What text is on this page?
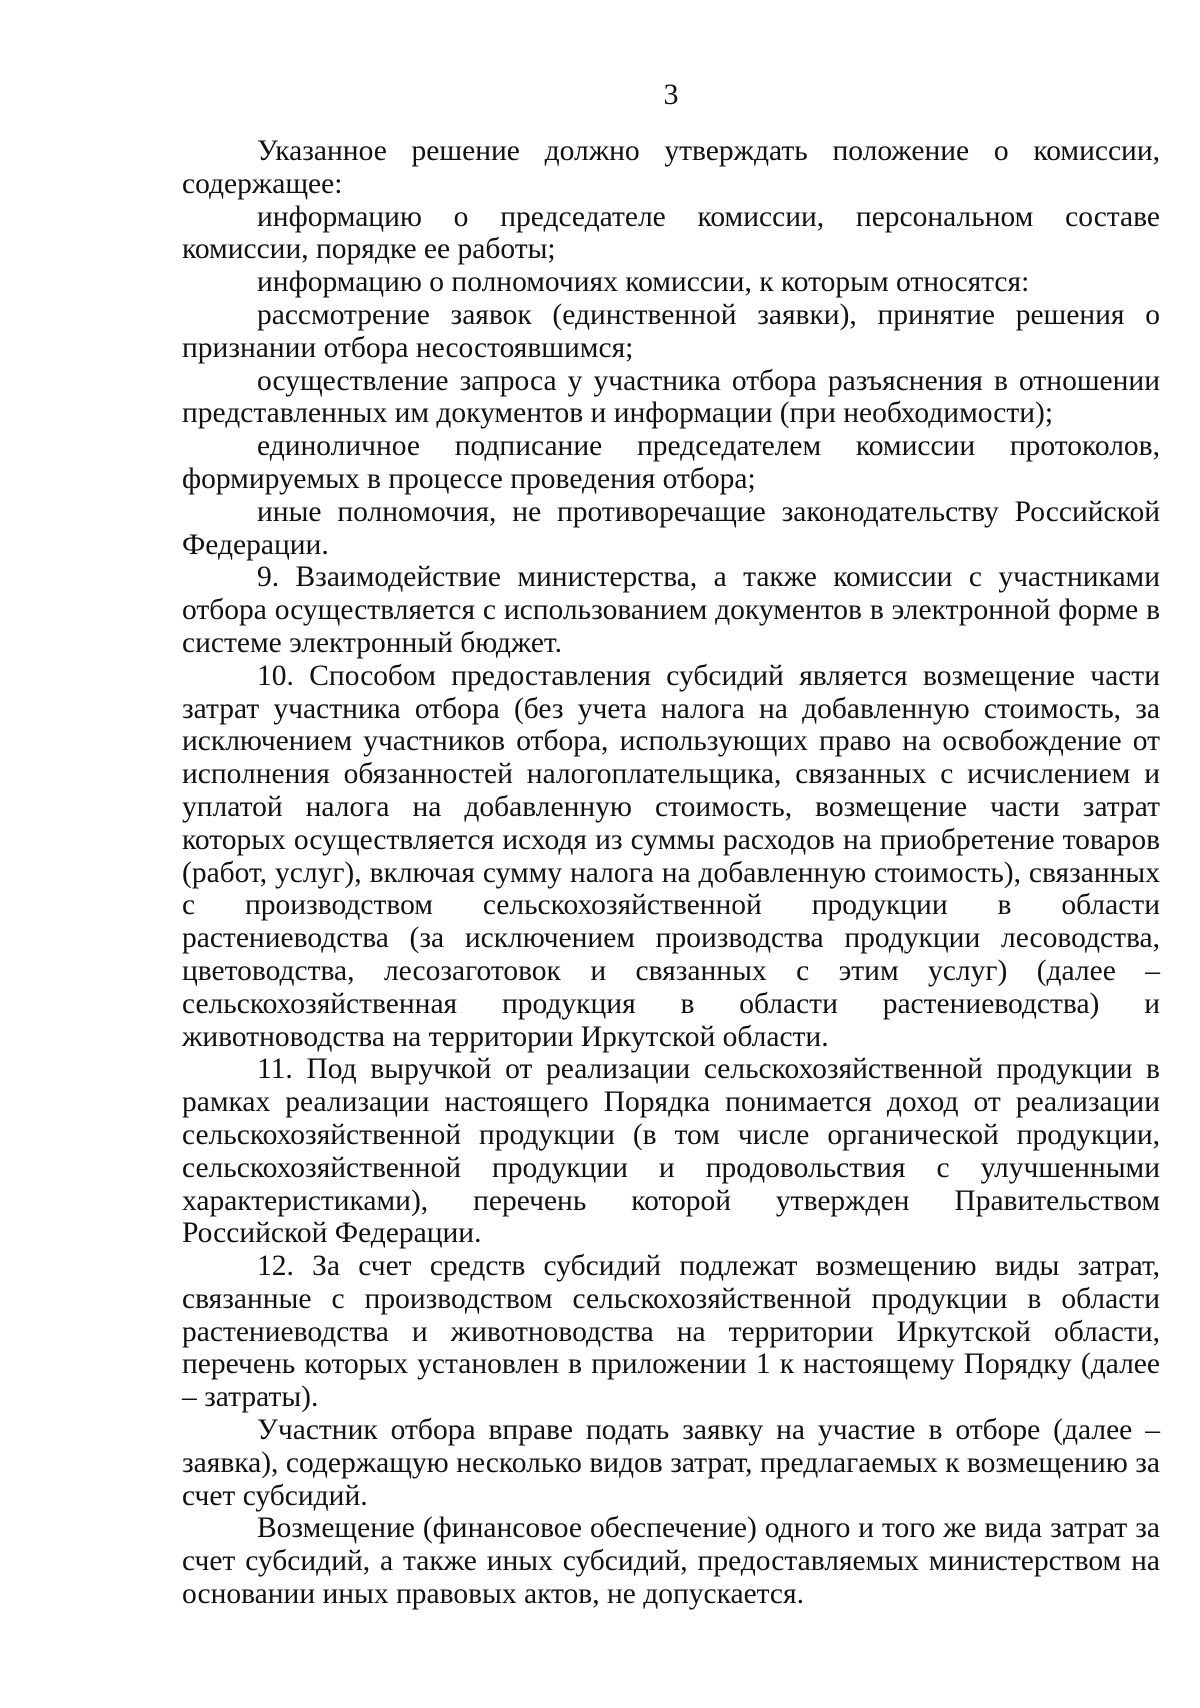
3

Указанное решение должно утверждать положение о комиссии, содержащее:

информацию о председателе комиссии, персональном составе комиссии, порядке ее работы;

информацию о полномочиях комиссии, к которым относятся:

рассмотрение заявок (единственной заявки), принятие решения о признании отбора несостоявшимся;

осуществление запроса у участника отбора разъяснения в отношении представленных им документов и информации (при необходимости);

единоличное подписание председателем комиссии протоколов, формируемых в процессе проведения отбора;

иные полномочия, не противоречащие законодательству Российской Федерации.

9. Взаимодействие министерства, а также комиссии с участниками отбора осуществляется с использованием документов в электронной форме в системе электронный бюджет.

10. Способом предоставления субсидий является возмещение части затрат участника отбора (без учета налога на добавленную стоимость, за исключением участников отбора, использующих право на освобождение от исполнения обязанностей налогоплательщика, связанных с исчислением и уплатой налога на добавленную стоимость, возмещение части затрат которых осуществляется исходя из суммы расходов на приобретение товаров (работ, услуг), включая сумму налога на добавленную стоимость), связанных с производством сельскохозяйственной продукции в области растениеводства (за исключением производства продукции лесоводства, цветоводства, лесозаготовок и связанных с этим услуг) (далее – сельскохозяйственная продукция в области растениеводства) и животноводства на территории Иркутской области.

11. Под выручкой от реализации сельскохозяйственной продукции в рамках реализации настоящего Порядка понимается доход от реализации сельскохозяйственной продукции (в том числе органической продукции, сельскохозяйственной продукции и продовольствия с улучшенными характеристиками), перечень которой утвержден Правительством Российской Федерации.

12. За счет средств субсидий подлежат возмещению виды затрат, связанные с производством сельскохозяйственной продукции в области растениеводства и животноводства на территории Иркутской области, перечень которых установлен в приложении 1 к настоящему Порядку (далее – затраты).

Участник отбора вправе подать заявку на участие в отборе (далее – заявка), содержащую несколько видов затрат, предлагаемых к возмещению за счет субсидий.

Возмещение (финансовое обеспечение) одного и того же вида затрат за счет субсидий, а также иных субсидий, предоставляемых министерством на основании иных правовых актов, не допускается.
